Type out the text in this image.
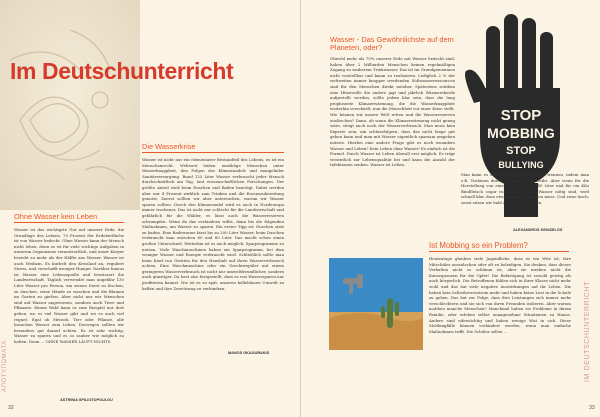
Im Deutschunterricht
Die Wasserkrise
Wasser ist nicht nur ein elementarer Bestandteil des Lebens, es ist ein Menschenrecht. Weltweit leiden unzählige Menschen unter Wasserknappheit, den Folgen des Klimawandels und mangelnder Sanitärversorgung. Rund 125 Liter Wasser verbraucht jeder Mensch durchschnittlich am Tag, laut wissenschaftlichen Forschungen. Der größte Anteil wird beim Duschen und Baden benötigt. Dabei werden aber nur 4 Prozent wirklich zum Trinken und die Essenszubereitung genutzt. Zuerst sollten wir aber untersuchen, warum wir Wasser sparen sollten. Durch den Klimawandel wird es auch in Nordeuropa immer trockener. Das ist nicht nur schlecht für die Landwirtschaft und gefährlich für die Wälder, es lässt auch die Wasserreserven schrumpfen. Wenn du das verhindern willst, dann bis die folgenden Maßnahmen, um Wasser zu sparen. Ein erster Tipp ist: Duschen statt zu baden. Eine Badewanne fasst bis zu 200 Liter Wasser, beim Duschen verbraucht man zwischen 60 und 80 Liter. Das macht schon einen großen Unterschied. Weiterhin ist es auch möglich, Sparprogramme zu nutzen. Viele Waschmaschinen haben ein Sparprogramm, bei dem weniger Wasser und Energie verbraucht wird. Schließlich sollte man beim Kauf von Geräten für den Haushalt auf ihren Wasserverbrauch achten. Eine Waschmaschine oder ein Geschirrspüler mit einem geringeren Wasserverbrauch ist nicht nur umweltfreundlicher, sondern auch günstiger. Du hast also festgestellt, dass es von Wassersparen nur profitieren kannst. Nie ist es zu spät, unseren helleblauen Umwelt zu helfen und ihre Zerstörung zu verhindern.
MANOS GKAGURAKIS
Ohne Wasser kein Leben
Wasser ist das wichtigste Gut auf unserer Erde, die Grundlage des Lebens. 70 Prozent der Erdoberfläche ist von Wasser bedeckt. Ohne Wasser kann der Mensch nicht leben, denn es ist für viele wichtige Aufgaben in unserem Organismus verantwortlich, und unser Körper besteht zu mehr als der Hälfte aus Wasser. Wasser ist auch Medizin. Es kurbelt den Kreislauf an, reguliert Stress, und verschafft weniger Hunger. Darüber hinaus ist Wasser eine Lebensquelle und bewässert die Landwirtschaft. Täglich verwendet man ungefähr 130 Liter Wasser pro Person, um seinen Durst zu löschen, zu duschen, seine Hände zu waschen und die Blumen im Garten zu gießen. Aber nicht nur wir Menschen sind auf Wasser angewiesen, sondern auch Tiere und Pflanzen. Einem Wald kann es zum Beispiel nur dort geben, wo es viel Wasser gibt und wo es auch viel regnet. Egal ob Mensch, Tier oder Pflanze, alle brauchen Wasser zum Leben. Deswegen sollten wir besonders gut darauf achten. Es ist sehr wichtig, Wasser zu sparen und es so sauber wie möglich zu halten. Denn ... OHNE WASSER LÄUFT NICHTS.
ASTRINIA SPILIOTOPOULOU
ΑΠΟΤΥΠΩΜΑΤΑ
32
Wasser - Das Gewöhnlichste auf dem Planeten, oder?
Obwohl mehr als 70% unserer Erde mit Wasser bedeckt sind, haben über 2 Milliarden Menschen keinen regelmäßigen Zugang zu sauberem Trinkwasser. Das ist im Grundgenommen nicht vorstellbar und kaum zu realisieren. Lediglich 2 % der weltweiten immer knapper werdenden Süßwasserressourcen sind für den Menschen direkt nutzbar. Spätestens seitdem eine Hitzewelle die andere jagt und jährlich Wärmerekorde aufgestellt werden, sollte jedem klar sein, dass die lang prophezeite Klimaerwärmung, die die Wasserknappheit weiterhin verschärft, nun die Menschheit vor einer Krise stellt. Wie können wir unsere Welt retten und die Wasserreserven auslöschen? Dann, ab wann die Klimaerwärmung nicht genug wäre, steigt auch noch der Wasserverbrauch. Man muss kein Experte sein, um schlussfolgern, dass das nicht lange gut gehen kann und man mit Wasser eigentlich sparsam umgehen müsste. Hierbei eine andere Frage gibt es noch woanders Wasser und Leben? Kein Leben ohne Wasser! Es einfach ist die Formel. Durch Wasser ist Leben überall erst möglich. Es trägt wesentlich zur Lebensqualität bei und kann die Anzahl der Infektionen senken. Wasser ist Leben.
STOP
MOBBING
STOP
BULLYING
Man kann es sogar zu Energiewirtschaft trennen, indem man z.B. Turbinen durch Strömungen antreibt. Aber wenn für die Herstellung von einer Tasse Kaffee 140 Liter und für ein Kilo Rindfleisch sogar rund 15000 Liter Wasser nötig sind, wird schnell klar, dass etwas geändert werden muss. Und zwar lasch, sonst sitzen wir bald auf dem Trockenen.
ALEXANDROS KENIZELOS
Ist Mobbing so ein Problem?
Heutzutage glauben viele Jugendliche, dass es ein Witz ist, ihre Mitschüler auszulachen oder oft zu beleidigen. Sie denken, dass dieses Verhalten nicht so schlimm ist, aber sie merken nicht die Konsequenzen für die Opfer! Die Belästigung ist sowohl geistig als auch körperlich. Die Betroffenen fühlen sich in ihrer Klasse nicht mehr wohl und das hat viele negative Auswirkungen auf ihr Leben. Die haben kein Selbstbewusstsein mehr und haben keine Lust in die Schule zu gehen. Das hat zur Folge, dass ihre Leistungen sich immer mehr verschlechtern und sie sich von ihren Freunden isolieren. Aber warum mobben manche Menschen? Manchmal haben sie Probleme in ihrem Familie, oder erleben selbst unangenehme Situationen zu Hause. Andere sind eifersüchtig und haben wenige Wut in sich. Diese Mobbingfälle können verhindert werden, wenn man einfache Maßnahmen trifft. Die Schüler sollen ...	IM DEUTSCHUNTERRICHT
33
